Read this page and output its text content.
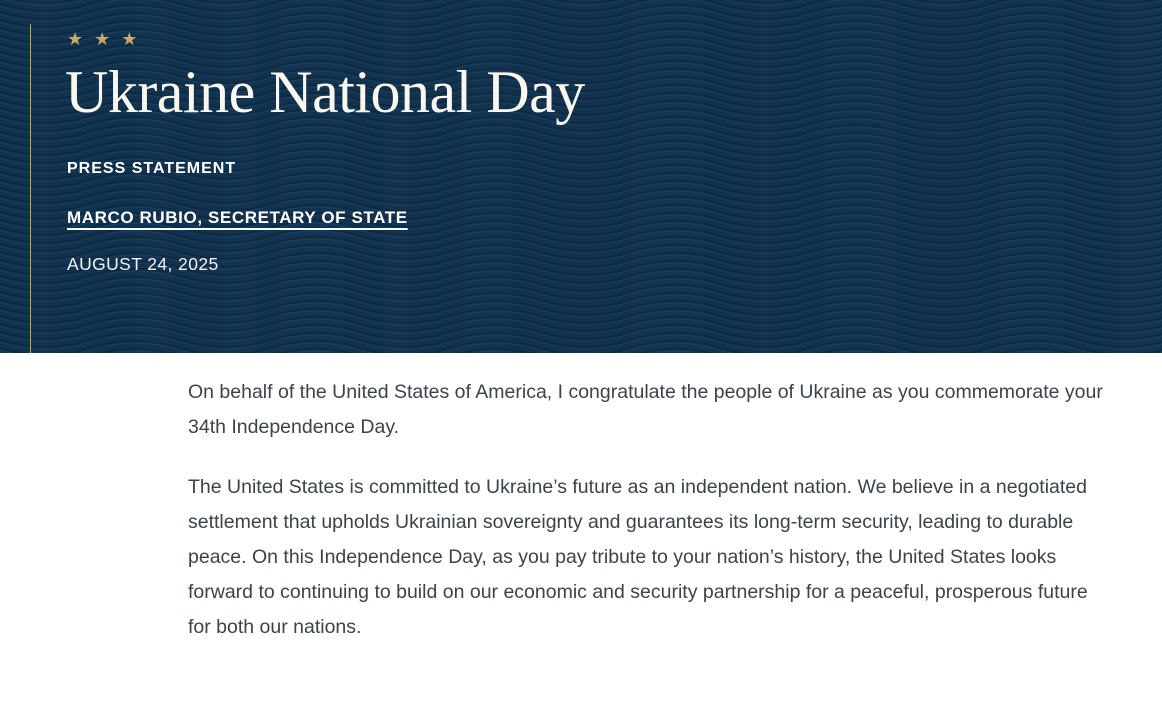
★ ★ ★
Ukraine National Day
PRESS STATEMENT
MARCO RUBIO, SECRETARY OF STATE
AUGUST 24, 2025

On behalf of the United States of America, I congratulate the people of Ukraine as you commemorate your 34th Independence Day.

The United States is committed to Ukraine’s future as an independent nation. We believe in a negotiated settlement that upholds Ukrainian sovereignty and guarantees its long-term security, leading to durable peace. On this Independence Day, as you pay tribute to your nation’s history, the United States looks forward to continuing to build on our economic and security partnership for a peaceful, prosperous future for both our nations.
